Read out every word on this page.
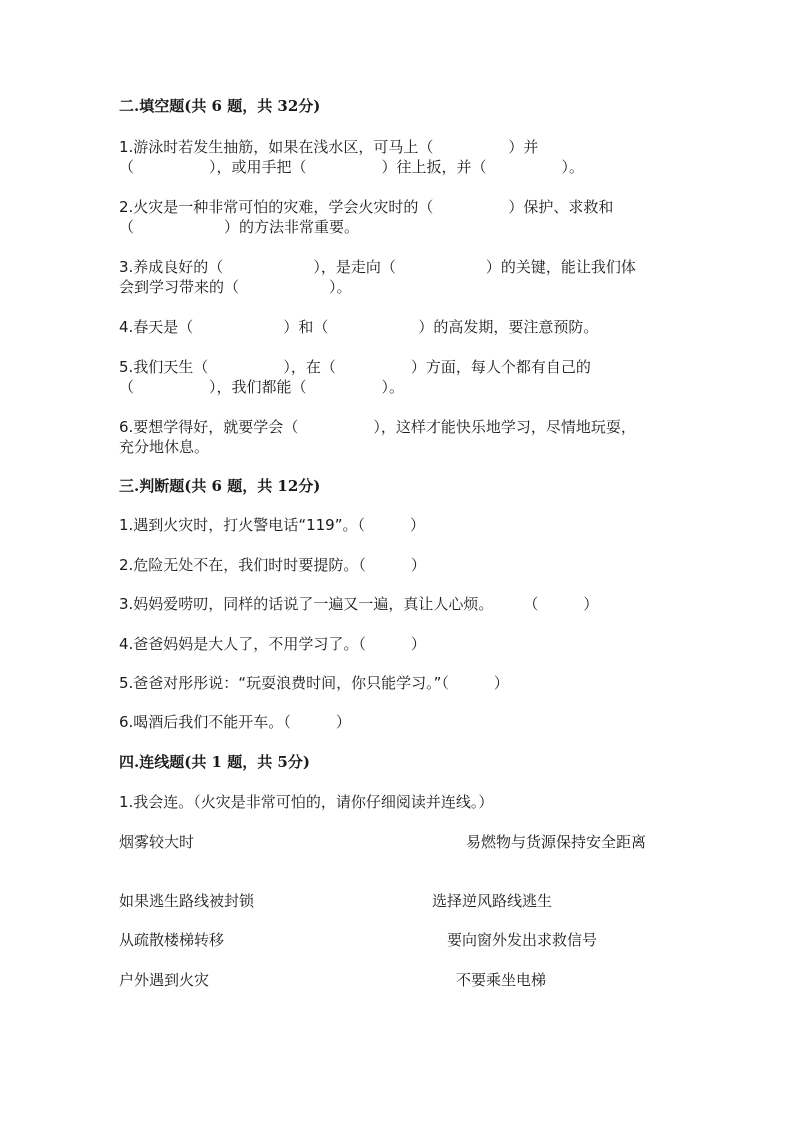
二.填空题(共 6 题，共 32分)

1.游泳时若发生抽筋，如果在浅水区，可马上（　　　　　）并

（　　　　　），或用手把（　　　　　）往上扳，并（　　　　　）。

2.火灾是一种非常可怕的灾难，学会火灾时的（　　　　　）保护、求救和

（　　　　　　）的方法非常重要。

3.养成良好的（　　　　　　），是走向（　　　　　　）的关键，能让我们体

会到学习带来的（　　　　　　）。

4.春天是（　　　　　　）和（　　　　　　）的高发期，要注意预防。

5.我们天生（　　　　　），在（　　　　　）方面，每人个都有自己的

（　　　　　），我们都能（　　　　　）。

6.要想学得好，就要学会（　　　　　），这样才能快乐地学习，尽情地玩耍，

充分地休息。

三.判断题(共 6 题，共 12分)

1.遇到火灾时，打火警电话“119”。（　　　）

2.危险无处不在，我们时时要提防。（　　　）

3.妈妈爱唠叨，同样的话说了一遍又一遍，真让人心烦。　　　（　　　）

4.爸爸妈妈是大人了，不用学习了。（　　　）

5.爸爸对彤彤说：“玩耍浪费时间，你只能学习。”（　　　）

6.喝酒后我们不能开车。（　　　）

四.连线题(共 1 题，共 5分)

1.我会连。（火灾是非常可怕的，请你仔细阅读并连线。）

烟雾较大时	易燃物与货源保持安全距离

如果逃生路线被封锁	选择逆风路线逃生

从疏散楼梯转移	要向窗外发出求救信号

户外遇到火灾	不要乘坐电梯
